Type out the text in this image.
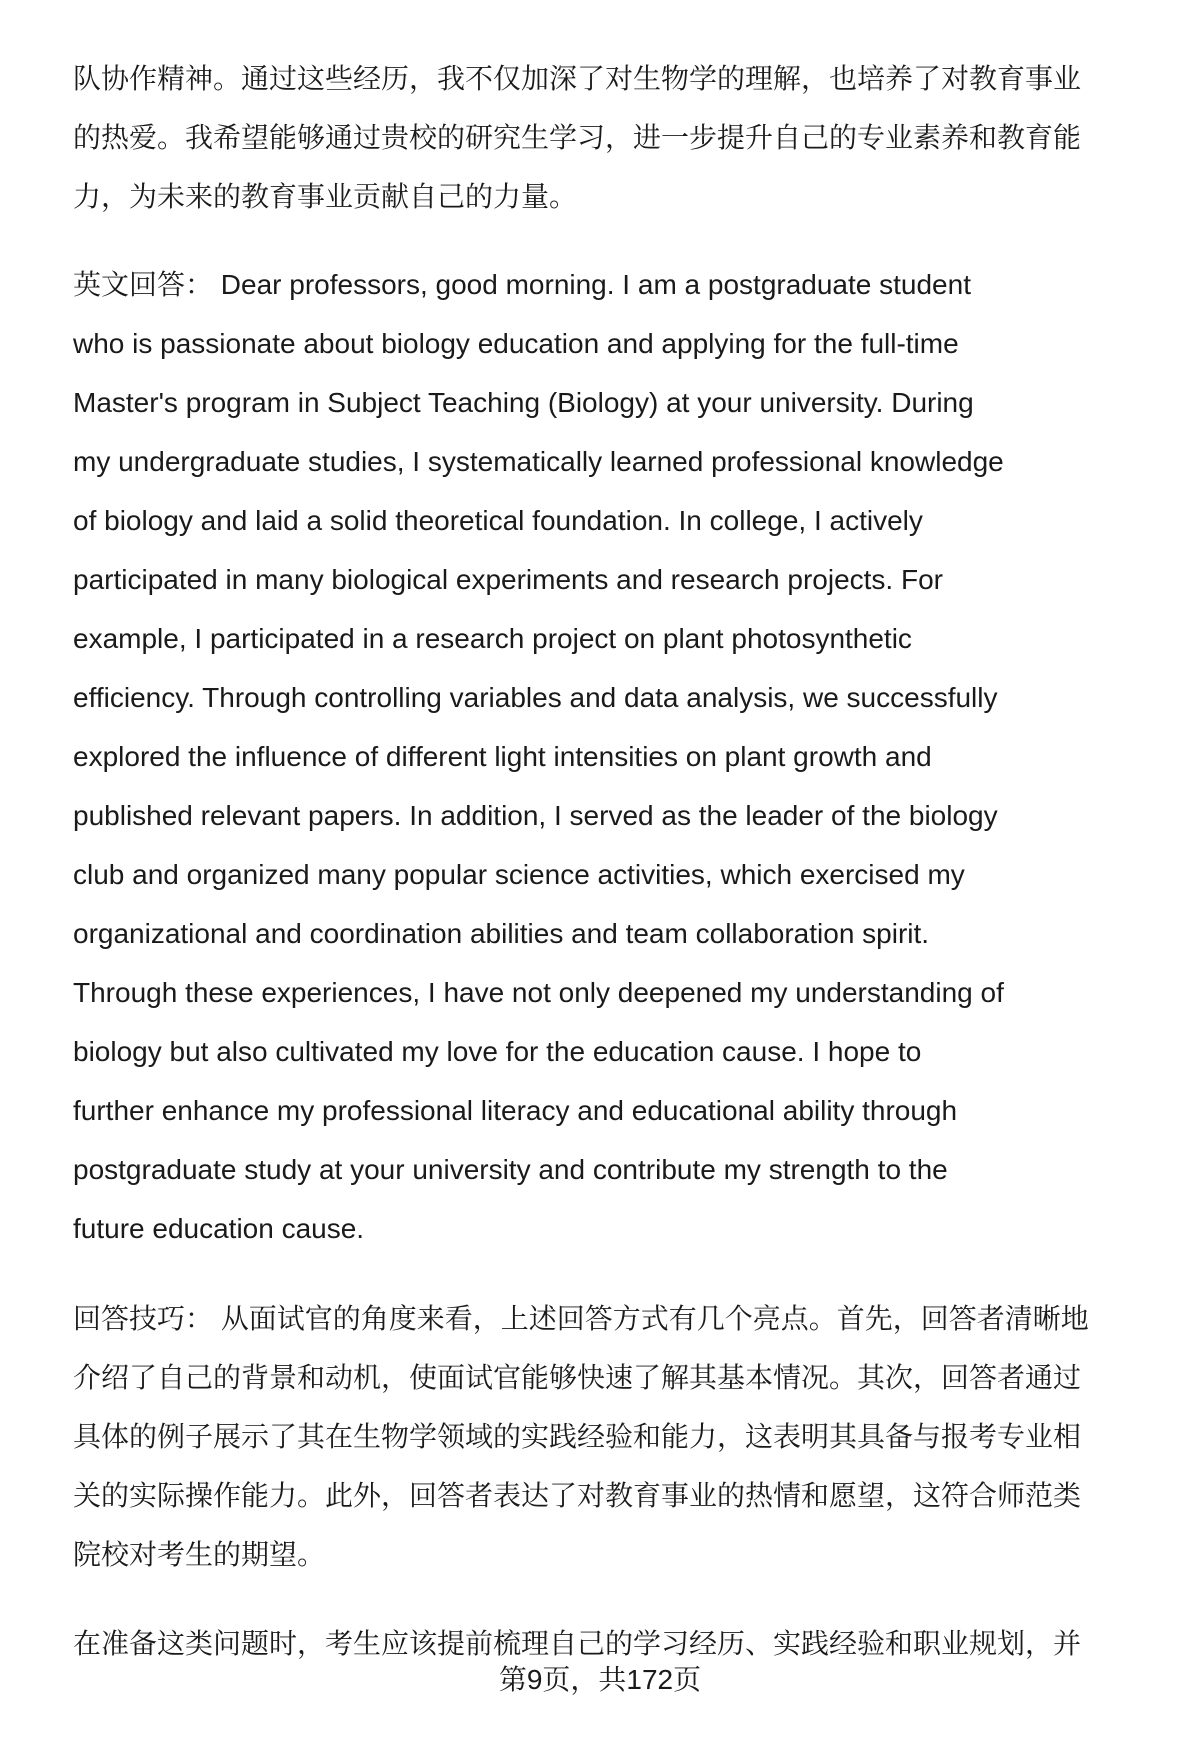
队协作精神。通过这些经历，我不仅加深了对生物学的理解，也培养了对教育事业
的热爱。我希望能够通过贵校的研究生学习，进一步提升自己的专业素养和教育能
力，为未来的教育事业贡献自己的力量。
英文回答： Dear professors, good morning. I am a postgraduate student
who is passionate about biology education and applying for the full-time
Master's program in Subject Teaching (Biology) at your university. During
my undergraduate studies, I systematically learned professional knowledge
of biology and laid a solid theoretical foundation. In college, I actively
participated in many biological experiments and research projects. For
example, I participated in a research project on plant photosynthetic
efficiency. Through controlling variables and data analysis, we successfully
explored the influence of different light intensities on plant growth and
published relevant papers. In addition, I served as the leader of the biology
club and organized many popular science activities, which exercised my
organizational and coordination abilities and team collaboration spirit.
Through these experiences, I have not only deepened my understanding of
biology but also cultivated my love for the education cause. I hope to
further enhance my professional literacy and educational ability through
postgraduate study at your university and contribute my strength to the
future education cause.
回答技巧： 从面试官的角度来看，上述回答方式有几个亮点。首先，回答者清晰地
介绍了自己的背景和动机，使面试官能够快速了解其基本情况。其次，回答者通过
具体的例子展示了其在生物学领域的实践经验和能力，这表明其具备与报考专业相
关的实际操作能力。此外，回答者表达了对教育事业的热情和愿望，这符合师范类
院校对考生的期望。
在准备这类问题时，考生应该提前梳理自己的学习经历、实践经验和职业规划，并
第9页，共172页
